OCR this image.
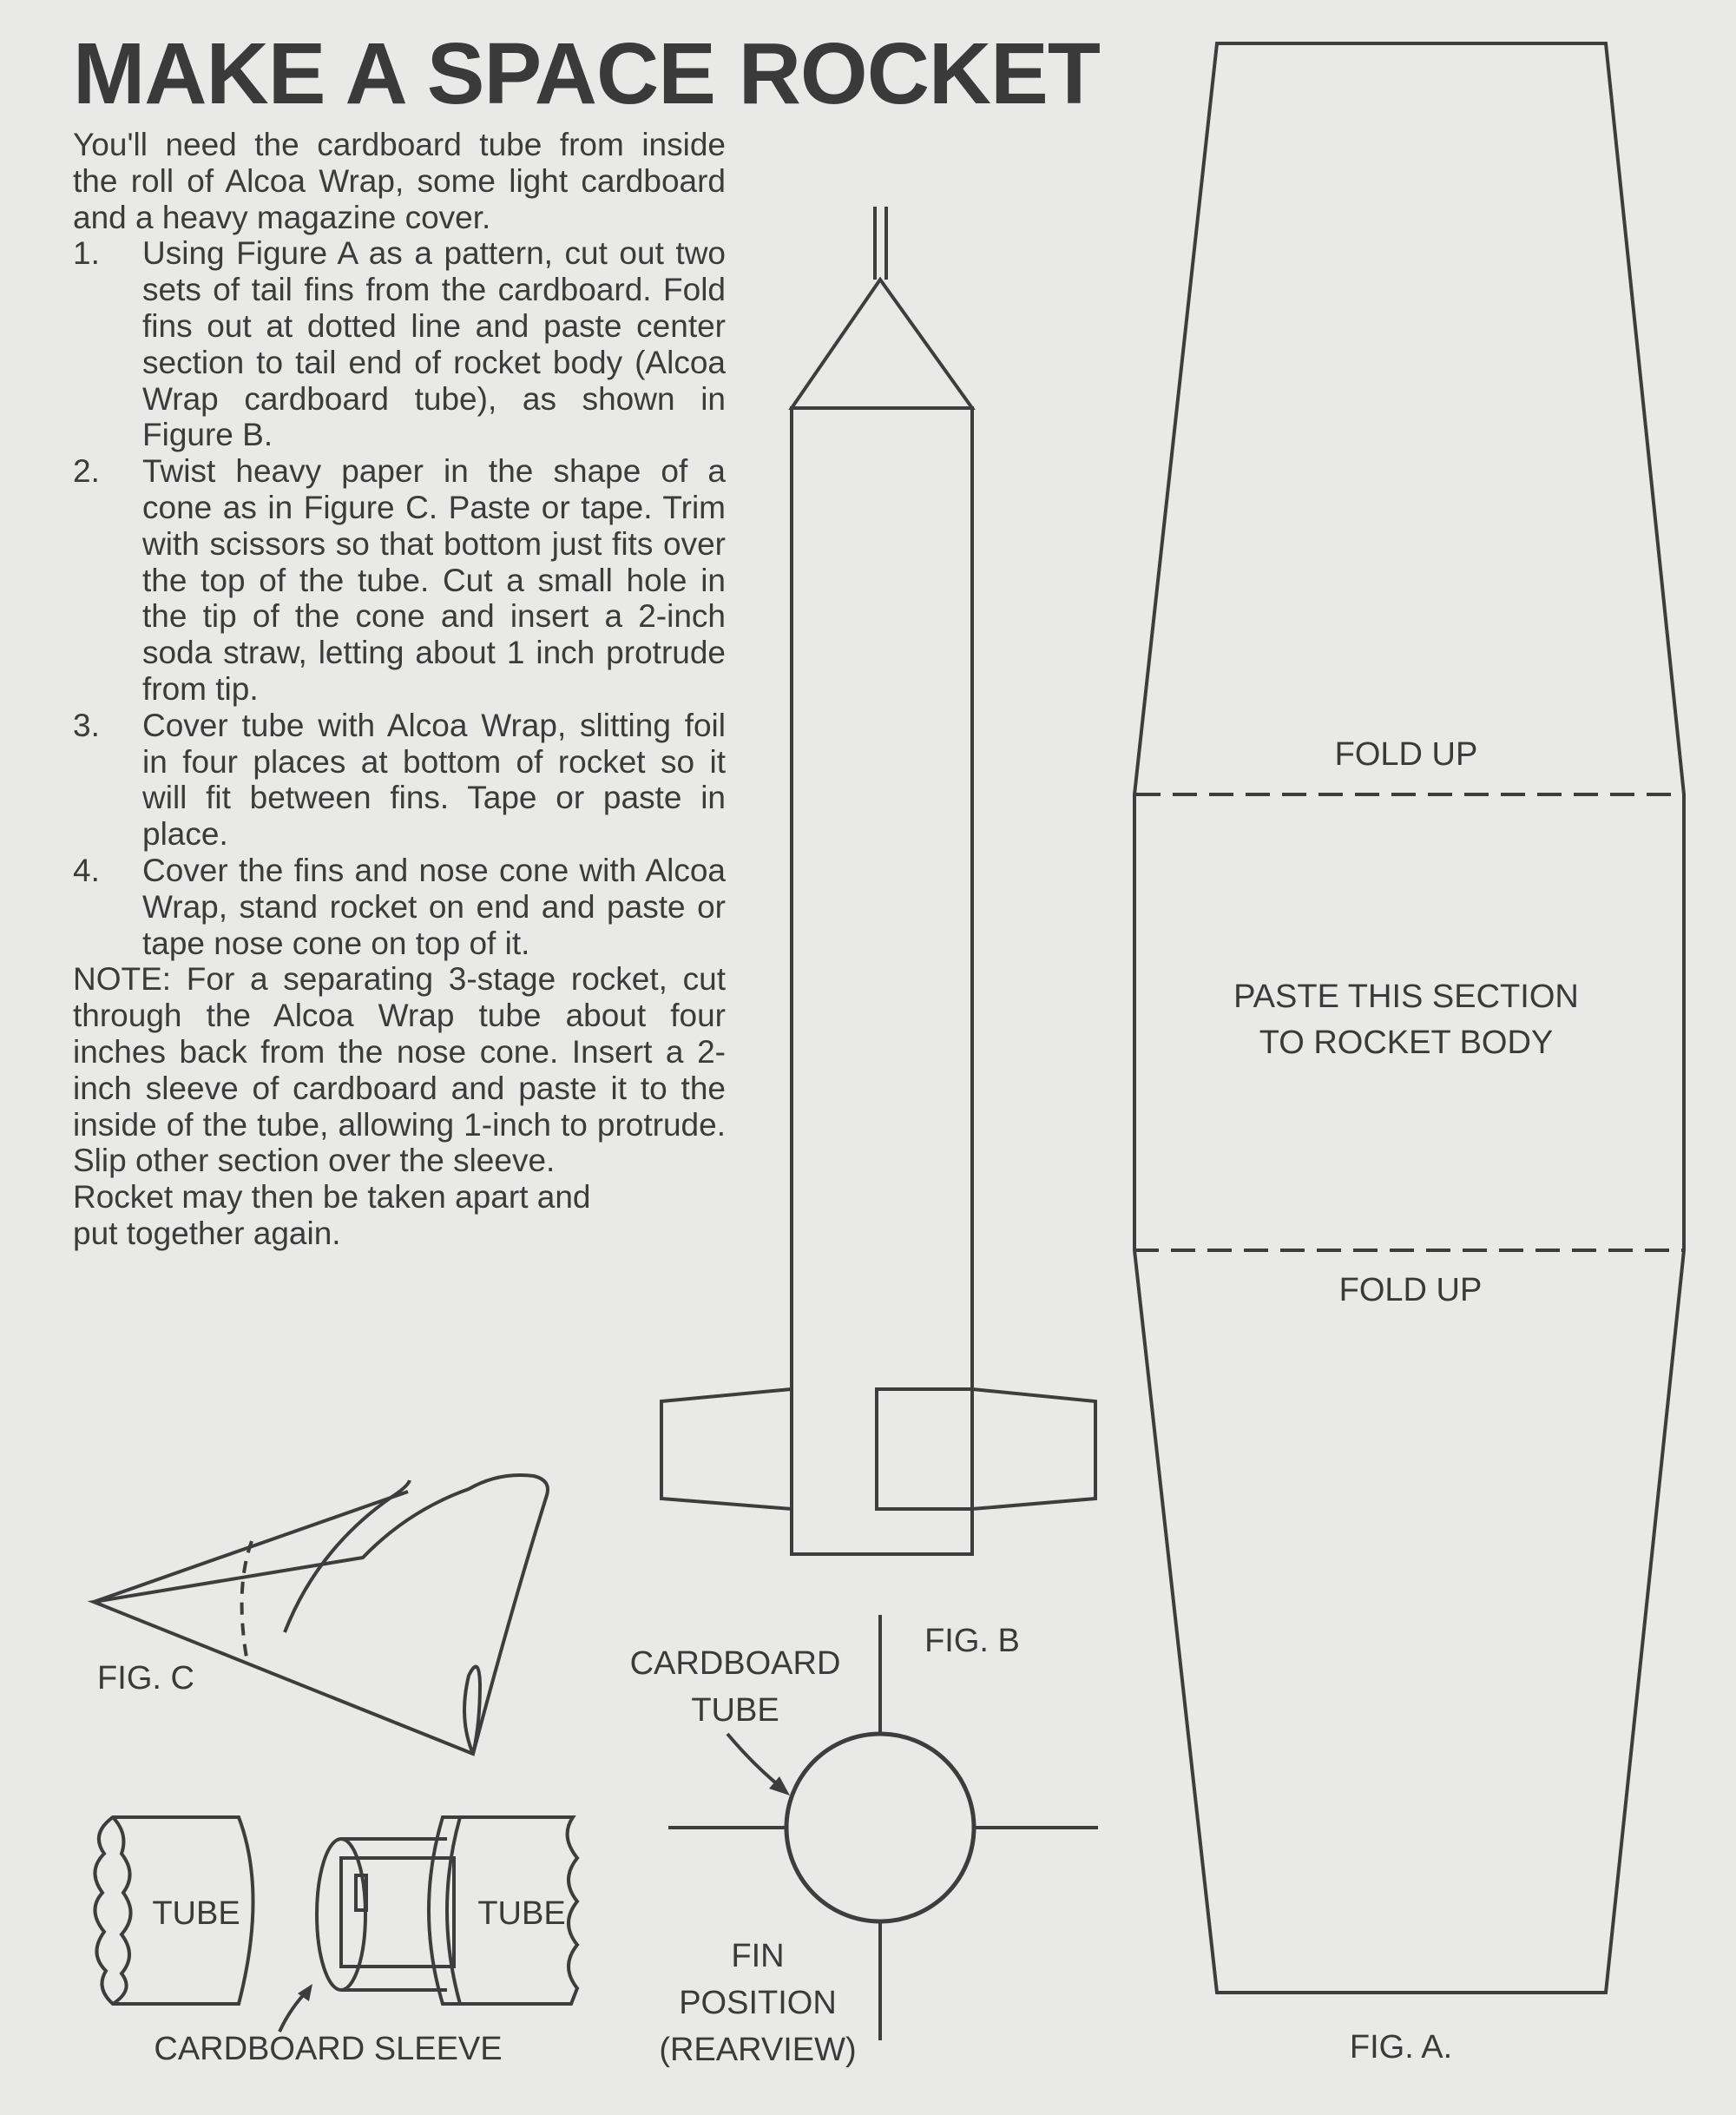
MAKE A SPACE ROCKET

You'll need the cardboard tube from inside the roll of Alcoa Wrap, some light cardboard and a heavy magazine cover.

1.	Using Figure A as a pattern, cut out two sets of tail fins from the cardboard. Fold fins out at dotted line and paste center section to tail end of rocket body (Alcoa Wrap cardboard tube), as shown in Figure B.
2.	Twist heavy paper in the shape of a cone as in Figure C. Paste or tape. Trim with scissors so that bottom just fits over the top of the tube. Cut a small hole in the tip of the cone and insert a 2-inch soda straw, letting about 1 inch protrude from tip.
3.	Cover tube with Alcoa Wrap, slitting foil in four places at bottom of rocket so it will fit between fins. Tape or paste in place.
4.	Cover the fins and nose cone with Alcoa Wrap, stand rocket on end and paste or tape nose cone on top of it.

NOTE: For a separating 3-stage rocket, cut through the Alcoa Wrap tube about four inches back from the nose cone. Insert a 2-inch sleeve of cardboard and paste it to the inside of the tube, allowing 1-inch to protrude. Slip other section over the sleeve.

Rocket may then be taken apart and put together again.

FOLD UP
PASTE THIS SECTION
TO ROCKET BODY
FOLD UP
FIG. A.
FIG. B
CARDBOARD
TUBE
FIN
POSITION
(REARVIEW)
FIG. C
TUBE	TUBE
CARDBOARD SLEEVE
